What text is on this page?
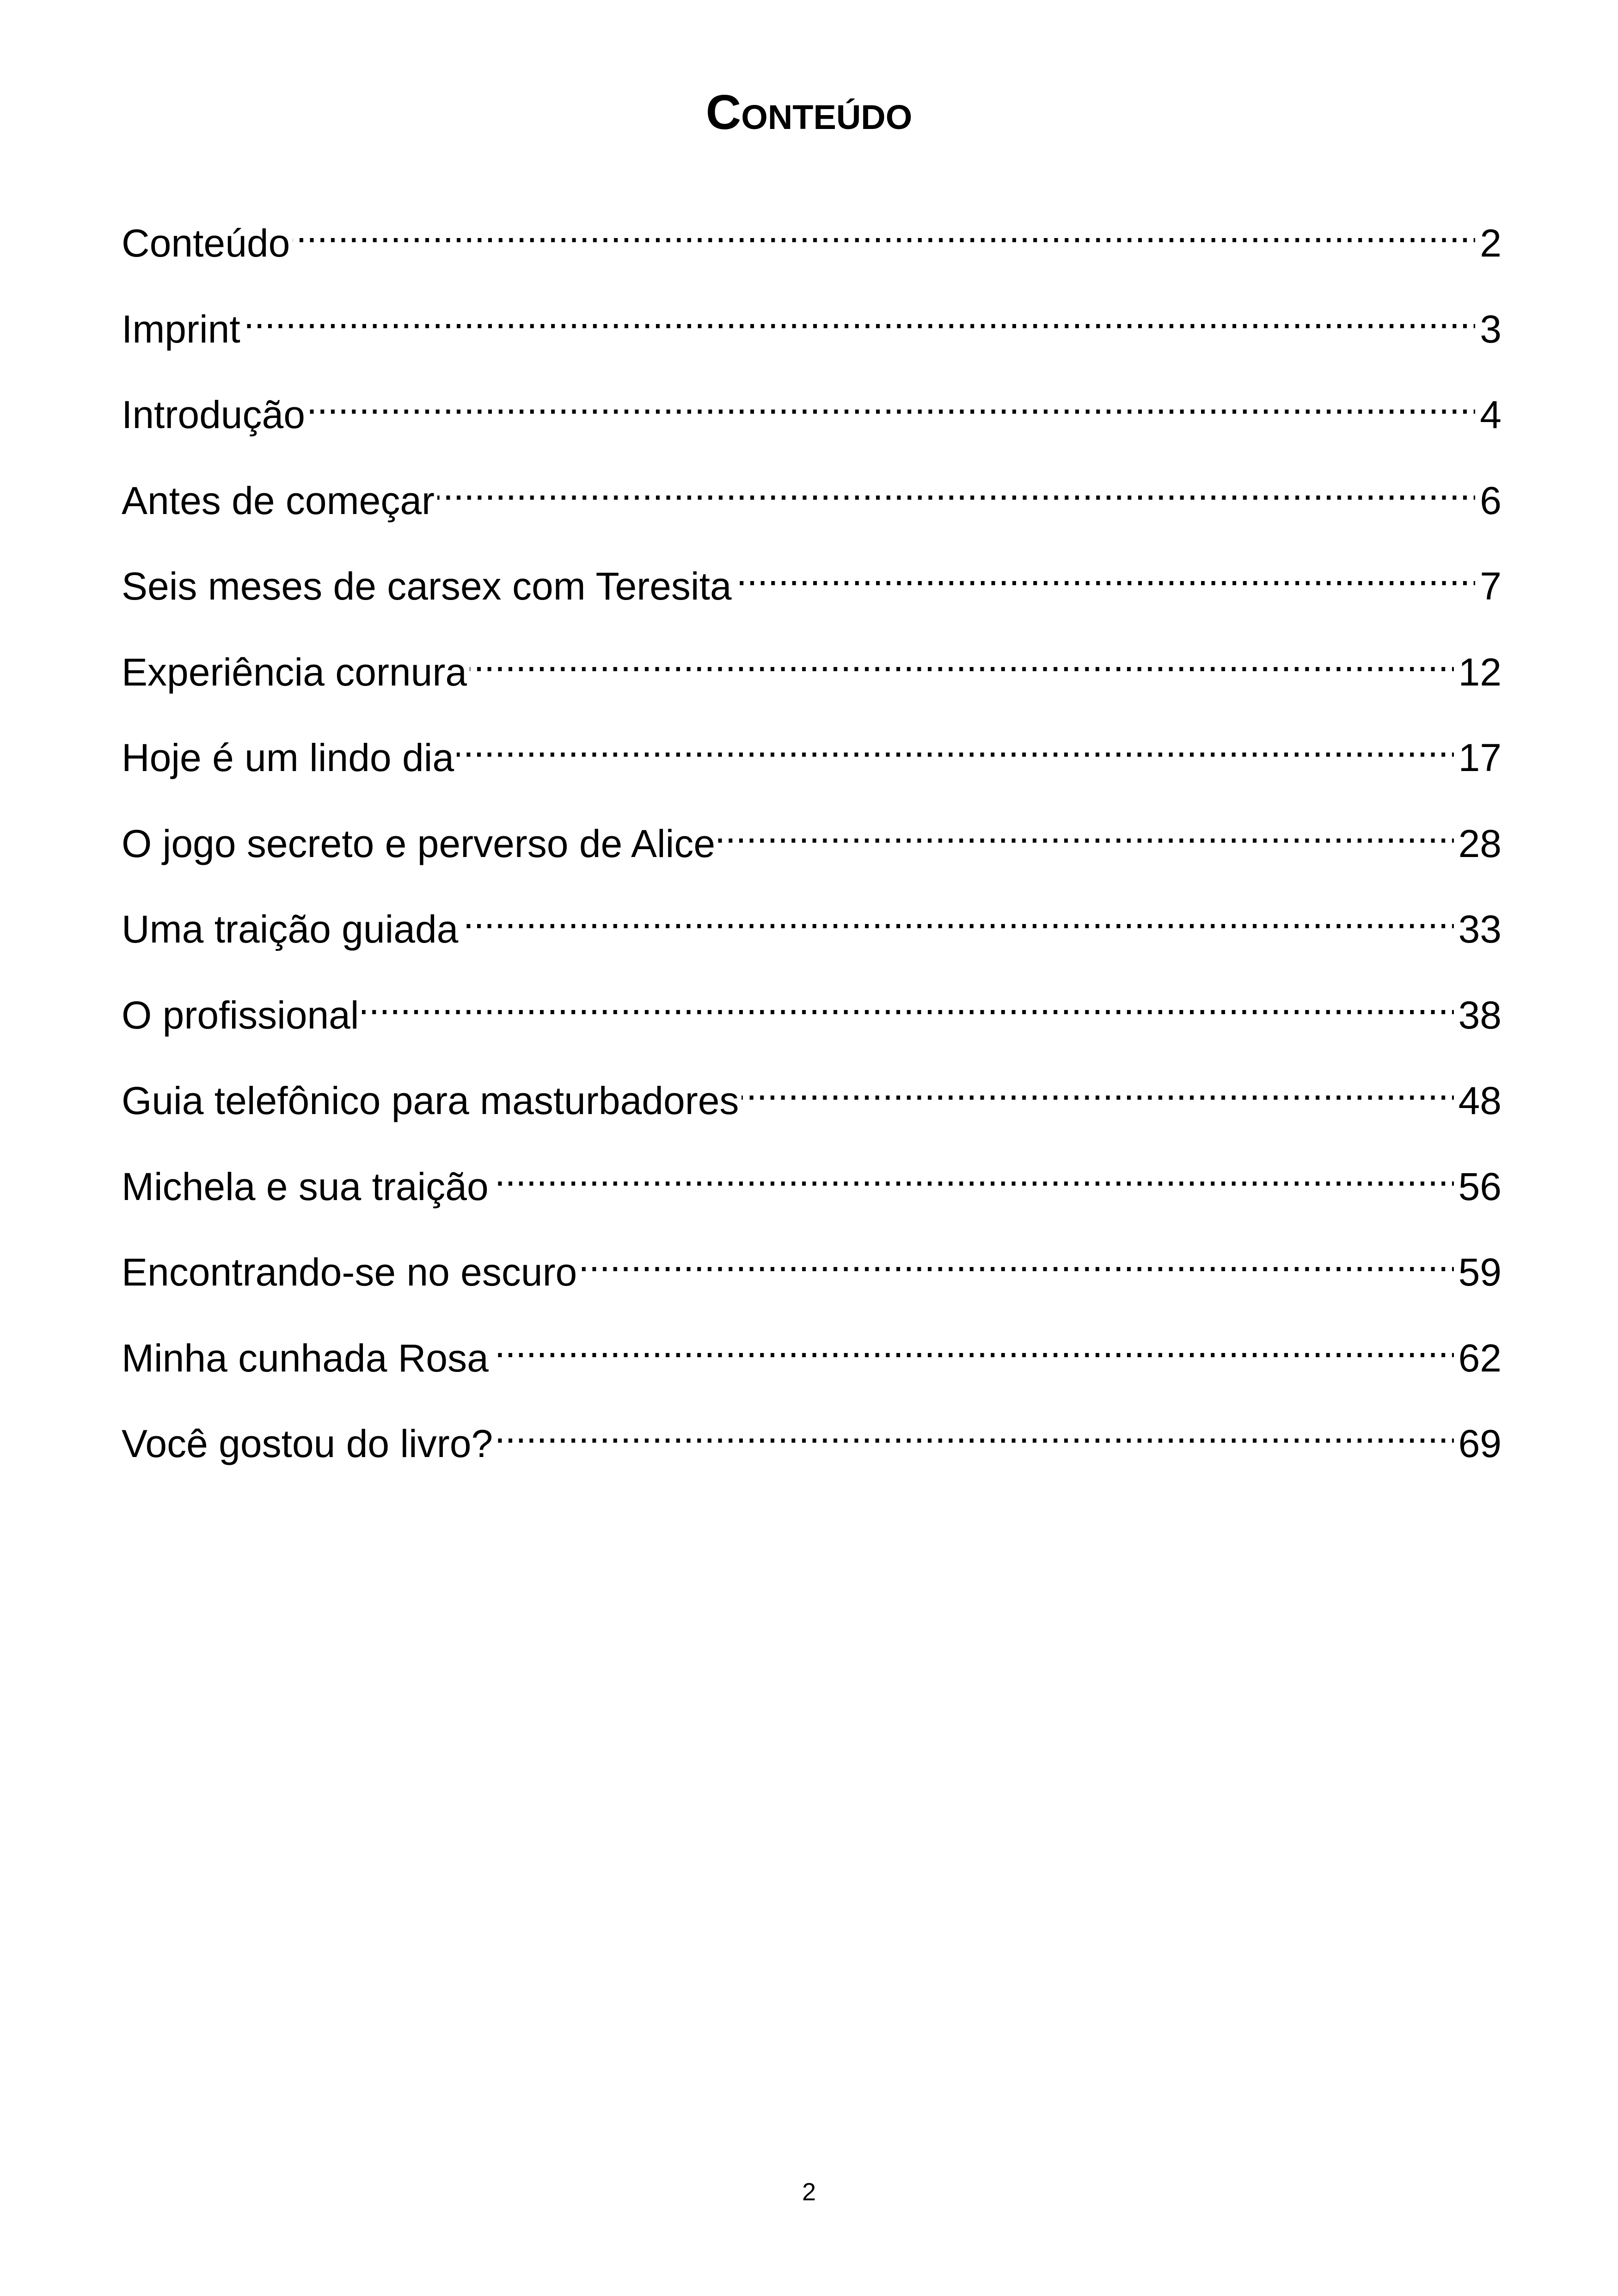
Conteúdo
Conteúdo . . .	2
Imprint . . .	3
Introdução . . .	4
Antes de começar . . .	6
Seis meses de carsex com Teresita . . .	7
Experiência cornura . . .	12
Hoje é um lindo dia . . .	17
O jogo secreto e perverso de Alice . . .	28
Uma traição guiada . . .	33
O profissional . . .	38
Guia telefônico para masturbadores . . .	48
Michela e sua traição . . .	56
Encontrando-se no escuro . . .	59
Minha cunhada Rosa . . .	62
Você gostou do livro? . . .	69
2
